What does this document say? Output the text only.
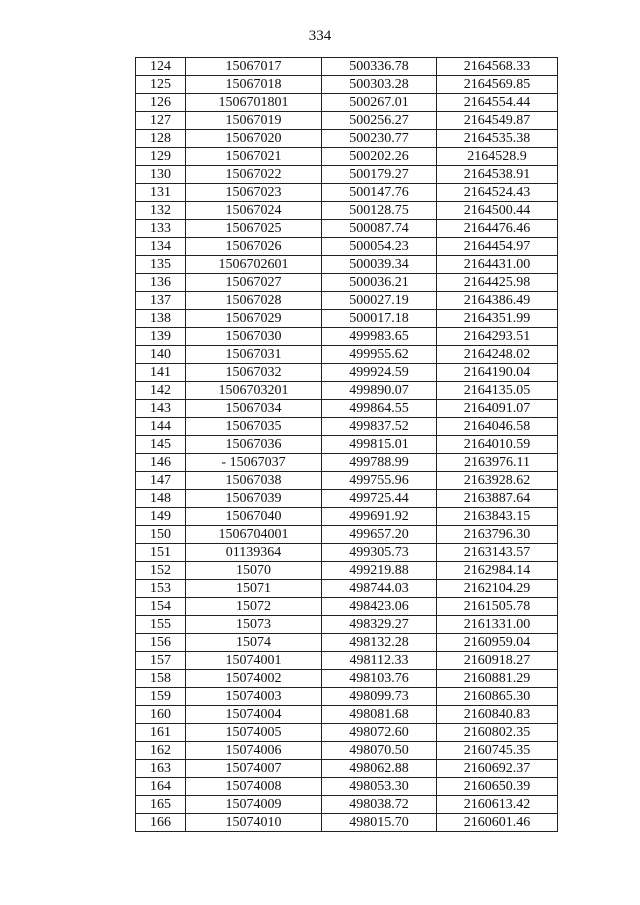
334
124	15067017	500336.78	2164568.33
125	15067018	500303.28	2164569.85
126	1506701801	500267.01	2164554.44
127	15067019	500256.27	2164549.87
128	15067020	500230.77	2164535.38
129	15067021	500202.26	2164528.9
130	15067022	500179.27	2164538.91
131	15067023	500147.76	2164524.43
132	15067024	500128.75	2164500.44
133	15067025	500087.74	2164476.46
134	15067026	500054.23	2164454.97
135	1506702601	500039.34	2164431.00
136	15067027	500036.21	2164425.98
137	15067028	500027.19	2164386.49
138	15067029	500017.18	2164351.99
139	15067030	499983.65	2164293.51
140	15067031	499955.62	2164248.02
141	15067032	499924.59	2164190.04
142	1506703201	499890.07	2164135.05
143	15067034	499864.55	2164091.07
144	15067035	499837.52	2164046.58
145	15067036	499815.01	2164010.59
146	- 15067037	499788.99	2163976.11
147	15067038	499755.96	2163928.62
148	15067039	499725.44	2163887.64
149	15067040	499691.92	2163843.15
150	1506704001	499657.20	2163796.30
151	01139364	499305.73	2163143.57
152	15070	499219.88	2162984.14
153	15071	498744.03	2162104.29
154	15072	498423.06	2161505.78
155	15073	498329.27	2161331.00
156	15074	498132.28	2160959.04
157	15074001	498112.33	2160918.27
158	15074002	498103.76	2160881.29
159	15074003	498099.73	2160865.30
160	15074004	498081.68	2160840.83
161	15074005	498072.60	2160802.35
162	15074006	498070.50	2160745.35
163	15074007	498062.88	2160692.37
164	15074008	498053.30	2160650.39
165	15074009	498038.72	2160613.42
166	15074010	498015.70	2160601.46
